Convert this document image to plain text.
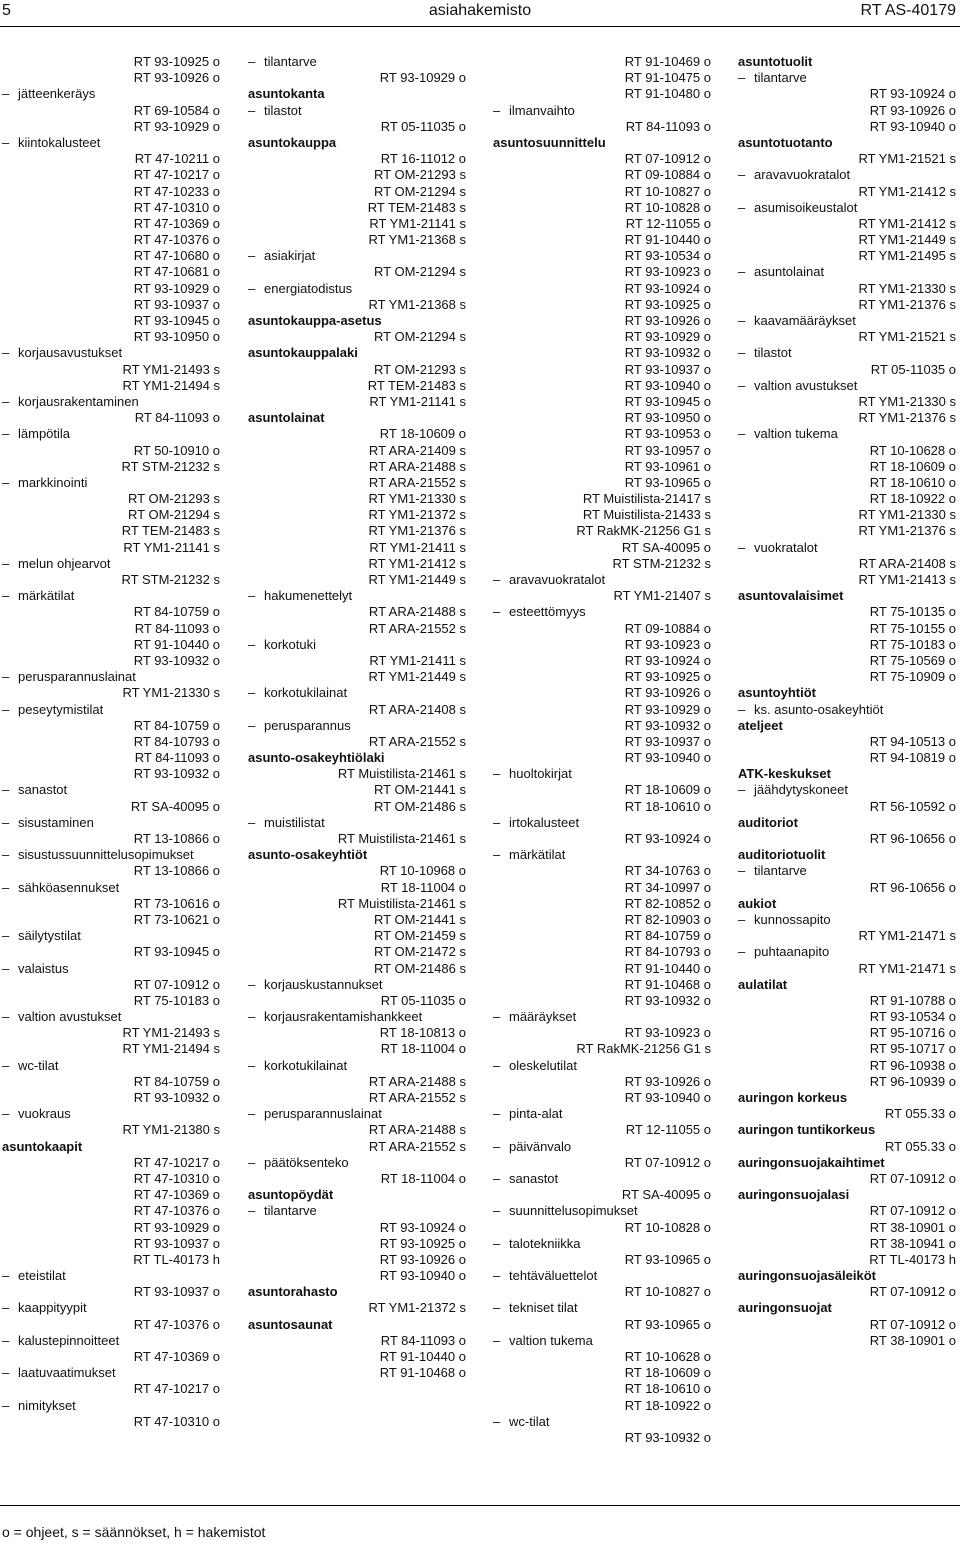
5	asiahakemisto	RT AS-40179
RT 93-10925 o
RT 93-10926 o
– jätteenkeräys
RT 69-10584 o
RT 93-10929 o
– kiintokalusteet
RT 47-10211 o
RT 47-10217 o
RT 47-10233 o
RT 47-10310 o
RT 47-10369 o
RT 47-10376 o
RT 47-10680 o
RT 47-10681 o
RT 93-10929 o
RT 93-10937 o
RT 93-10945 o
RT 93-10950 o
– korjausavustukset
RT YM1-21493 s
RT YM1-21494 s
– korjausrakentaminen
RT 84-11093 o
– lämpötila
RT 50-10910 o
RT STM-21232 s
– markkinointi
RT OM-21293 s
RT OM-21294 s
RT TEM-21483 s
RT YM1-21141 s
– melun ohjearvot
RT STM-21232 s
– märkätilat
RT 84-10759 o
RT 84-11093 o
RT 91-10440 o
RT 93-10932 o
– perusparannuslainat
RT YM1-21330 s
– peseytymistilat
RT 84-10759 o
RT 84-10793 o
RT 84-11093 o
RT 93-10932 o
– sanastot
RT SA-40095 o
– sisustaminen
RT 13-10866 o
– sisustussuunnittelusopimukset
RT 13-10866 o
– sähköasennukset
RT 73-10616 o
RT 73-10621 o
– säilytystilat
RT 93-10945 o
– valaistus
RT 07-10912 o
RT 75-10183 o
– valtion avustukset
RT YM1-21493 s
RT YM1-21494 s
– wc-tilat
RT 84-10759 o
RT 93-10932 o
– vuokraus
RT YM1-21380 s
asuntokaapit
RT 47-10217 o
RT 47-10310 o
RT 47-10369 o
RT 47-10376 o
RT 93-10929 o
RT 93-10937 o
RT TL-40173 h
– eteistilat
RT 93-10937 o
– kaappityypit
RT 47-10376 o
– kalustepinnoitteet
RT 47-10369 o
– laatuvaatimukset
RT 47-10217 o
– nimitykset
RT 47-10310 o
– tilantarve
RT 93-10929 o
asuntokanta
– tilastot
RT 05-11035 o
asuntokauppa
RT 16-11012 o
RT OM-21293 s
RT OM-21294 s
RT TEM-21483 s
RT YM1-21141 s
RT YM1-21368 s
– asiakirjat
RT OM-21294 s
– energiatodistus
RT YM1-21368 s
asuntokauppa-asetus
RT OM-21294 s
asuntokauppalaki
RT OM-21293 s
RT TEM-21483 s
RT YM1-21141 s
asuntolainat
RT 18-10609 o
RT ARA-21409 s
RT ARA-21488 s
RT ARA-21552 s
RT YM1-21330 s
RT YM1-21372 s
RT YM1-21376 s
RT YM1-21411 s
RT YM1-21412 s
RT YM1-21449 s
– hakumenettelyt
RT ARA-21488 s
RT ARA-21552 s
– korkotuki
RT YM1-21411 s
RT YM1-21449 s
– korkotukilainat
RT ARA-21408 s
– perusparannus
RT ARA-21552 s
asunto-osakeyhtiölaki
RT Muistilista-21461 s
RT OM-21441 s
RT OM-21486 s
– muistilistat
RT Muistilista-21461 s
asunto-osakeyhtiöt
RT 10-10968 o
RT 18-11004 o
RT Muistilista-21461 s
RT OM-21441 s
RT OM-21459 s
RT OM-21472 s
RT OM-21486 s
– korjauskustannukset
RT 05-11035 o
– korjausrakentamishankkeet
RT 18-10813 o
RT 18-11004 o
– korkotukilainat
RT ARA-21488 s
RT ARA-21552 s
– perusparannuslainat
RT ARA-21488 s
RT ARA-21552 s
– päätöksenteko
RT 18-11004 o
asuntopöydät
– tilantarve
RT 93-10924 o
RT 93-10925 o
RT 93-10926 o
RT 93-10940 o
asuntorahasto
RT YM1-21372 s
asuntosaunat
RT 84-11093 o
RT 91-10440 o
RT 91-10468 o
RT 91-10469 o
RT 91-10475 o
RT 91-10480 o
– ilmanvaihto
RT 84-11093 o
asuntosuunnittelu
RT 07-10912 o
RT 09-10884 o
RT 10-10827 o
RT 10-10828 o
RT 12-11055 o
RT 91-10440 o
RT 93-10534 o
RT 93-10923 o
RT 93-10924 o
RT 93-10925 o
RT 93-10926 o
RT 93-10929 o
RT 93-10932 o
RT 93-10937 o
RT 93-10940 o
RT 93-10945 o
RT 93-10950 o
RT 93-10953 o
RT 93-10957 o
RT 93-10961 o
RT 93-10965 o
RT Muistilista-21417 s
RT Muistilista-21433 s
RT RakMK-21256 G1 s
RT SA-40095 o
RT STM-21232 s
– aravavuokratalot
RT YM1-21407 s
– esteettömyys
RT 09-10884 o
RT 93-10923 o
RT 93-10924 o
RT 93-10925 o
RT 93-10926 o
RT 93-10929 o
RT 93-10932 o
RT 93-10937 o
RT 93-10940 o
– huoltokirjat
RT 18-10609 o
RT 18-10610 o
– irtokalusteet
RT 93-10924 o
– märkätilat
RT 34-10763 o
RT 34-10997 o
RT 82-10852 o
RT 82-10903 o
RT 84-10759 o
RT 84-10793 o
RT 91-10440 o
RT 91-10468 o
RT 93-10932 o
– määräykset
RT 93-10923 o
RT RakMK-21256 G1 s
– oleskelutilat
RT 93-10926 o
RT 93-10940 o
– pinta-alat
RT 12-11055 o
– päivänvalo
RT 07-10912 o
– sanastot
RT SA-40095 o
– suunnittelusopimukset
RT 10-10828 o
– talotekniikka
RT 93-10965 o
– tehtäväluettelot
RT 10-10827 o
– tekniset tilat
RT 93-10965 o
– valtion tukema
RT 10-10628 o
RT 18-10609 o
RT 18-10610 o
RT 18-10922 o
– wc-tilat
RT 93-10932 o
asuntotuolit
– tilantarve
RT 93-10924 o
RT 93-10926 o
RT 93-10940 o
asuntotuotanto
RT YM1-21521 s
– aravavuokratalot
RT YM1-21412 s
– asumisoikeustalot
RT YM1-21412 s
RT YM1-21449 s
RT YM1-21495 s
– asuntolainat
RT YM1-21330 s
RT YM1-21376 s
– kaavamääräykset
RT YM1-21521 s
– tilastot
RT 05-11035 o
– valtion avustukset
RT YM1-21330 s
RT YM1-21376 s
– valtion tukema
RT 10-10628 o
RT 18-10609 o
RT 18-10610 o
RT 18-10922 o
RT YM1-21330 s
RT YM1-21376 s
– vuokratalot
RT ARA-21408 s
RT YM1-21413 s
asuntovalaisimet
RT 75-10135 o
RT 75-10155 o
RT 75-10183 o
RT 75-10569 o
RT 75-10909 o
asuntoyhtiöt
– ks. asunto-osakeyhtiöt
ateljeet
RT 94-10513 o
RT 94-10819 o
ATK-keskukset
– jäähdytyskoneet
RT 56-10592 o
auditoriot
RT 96-10656 o
auditoriotuolit
– tilantarve
RT 96-10656 o
aukiot
– kunnossapito
RT YM1-21471 s
– puhtaanapito
RT YM1-21471 s
aulatilat
RT 91-10788 o
RT 93-10534 o
RT 95-10716 o
RT 95-10717 o
RT 96-10938 o
RT 96-10939 o
auringon korkeus
RT 055.33 o
auringon tuntikorkeus
RT 055.33 o
auringonsuojakaihtimet
RT 07-10912 o
auringonsuojalasi
RT 07-10912 o
RT 38-10901 o
RT 38-10941 o
RT TL-40173 h
auringonsuojasäleiköt
RT 07-10912 o
auringonsuojat
RT 07-10912 o
RT 38-10901 o
o = ohjeet, s = säännökset, h = hakemistot
